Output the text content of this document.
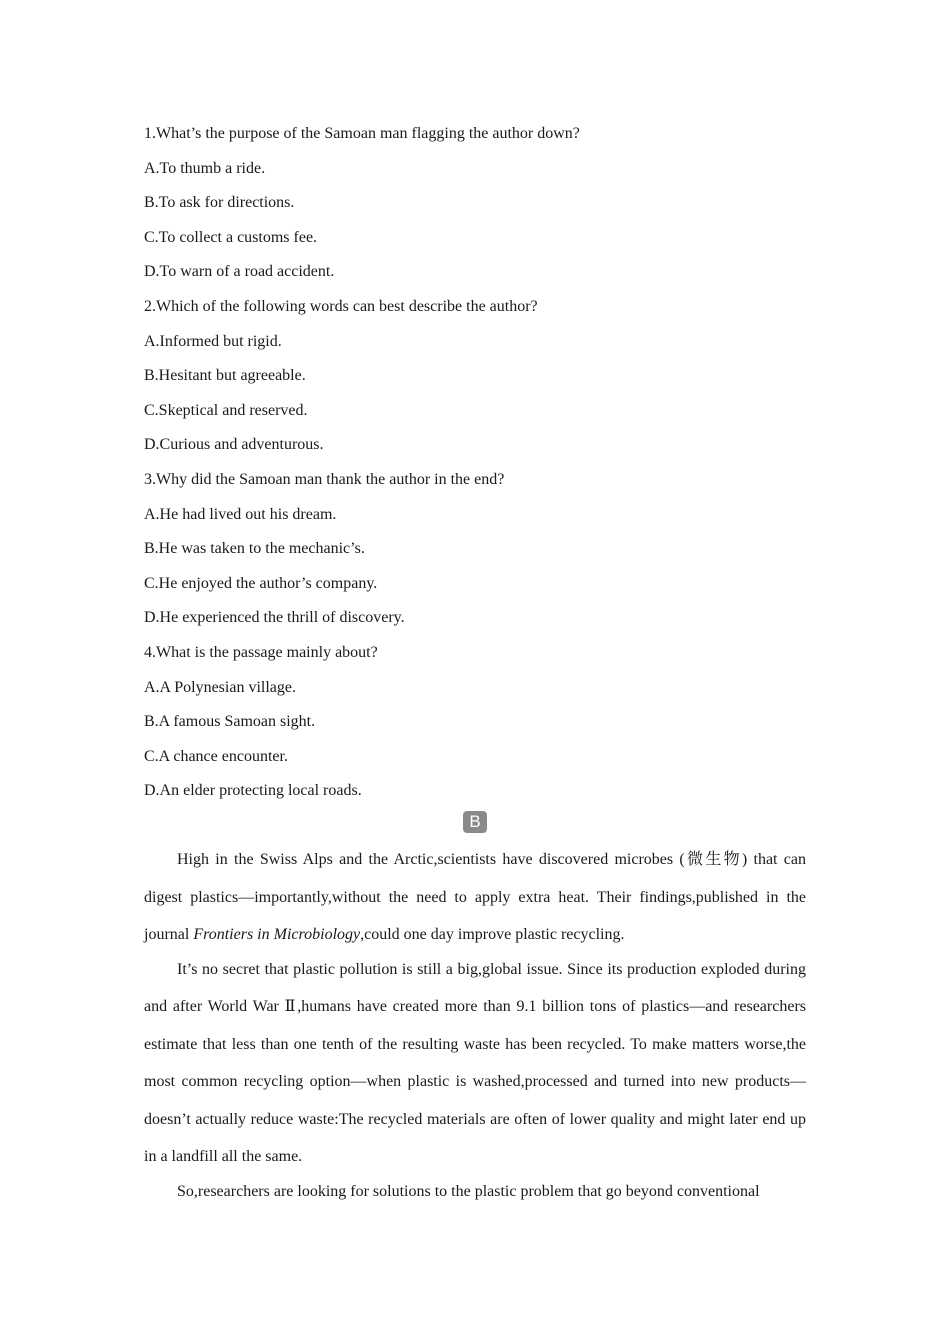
1.What’s the purpose of the Samoan man flagging the author down?
A.To thumb a ride.
B.To ask for directions.
C.To collect a customs fee.
D.To warn of a road accident.
2.Which of the following words can best describe the author?
A.Informed but rigid.
B.Hesitant but agreeable.
C.Skeptical and reserved.
D.Curious and adventurous.
3.Why did the Samoan man thank the author in the end?
A.He had lived out his dream.
B.He was taken to the mechanic’s.
C.He enjoyed the author’s company.
D.He experienced the thrill of discovery.
4.What is the passage mainly about?
A.A Polynesian village.
B.A famous Samoan sight.
C.A chance encounter.
D.An elder protecting local roads.
B

High in the Swiss Alps and the Arctic,scientists have discovered microbes (微生物) that can digest plastics—importantly,without the need to apply extra heat. Their findings,published in the journal Frontiers in Microbiology,could one day improve plastic recycling.

It’s no secret that plastic pollution is still a big,global issue. Since its production exploded during and after World War Ⅱ,humans have created more than 9.1 billion tons of plastics—and researchers estimate that less than one tenth of the resulting waste has been recycled. To make matters worse,the most common recycling option—when plastic is washed,processed and turned into new products—doesn’t actually reduce waste:The recycled materials are often of lower quality and might later end up in a landfill all the same.

So,researchers are looking for solutions to the plastic problem that go beyond conventional
